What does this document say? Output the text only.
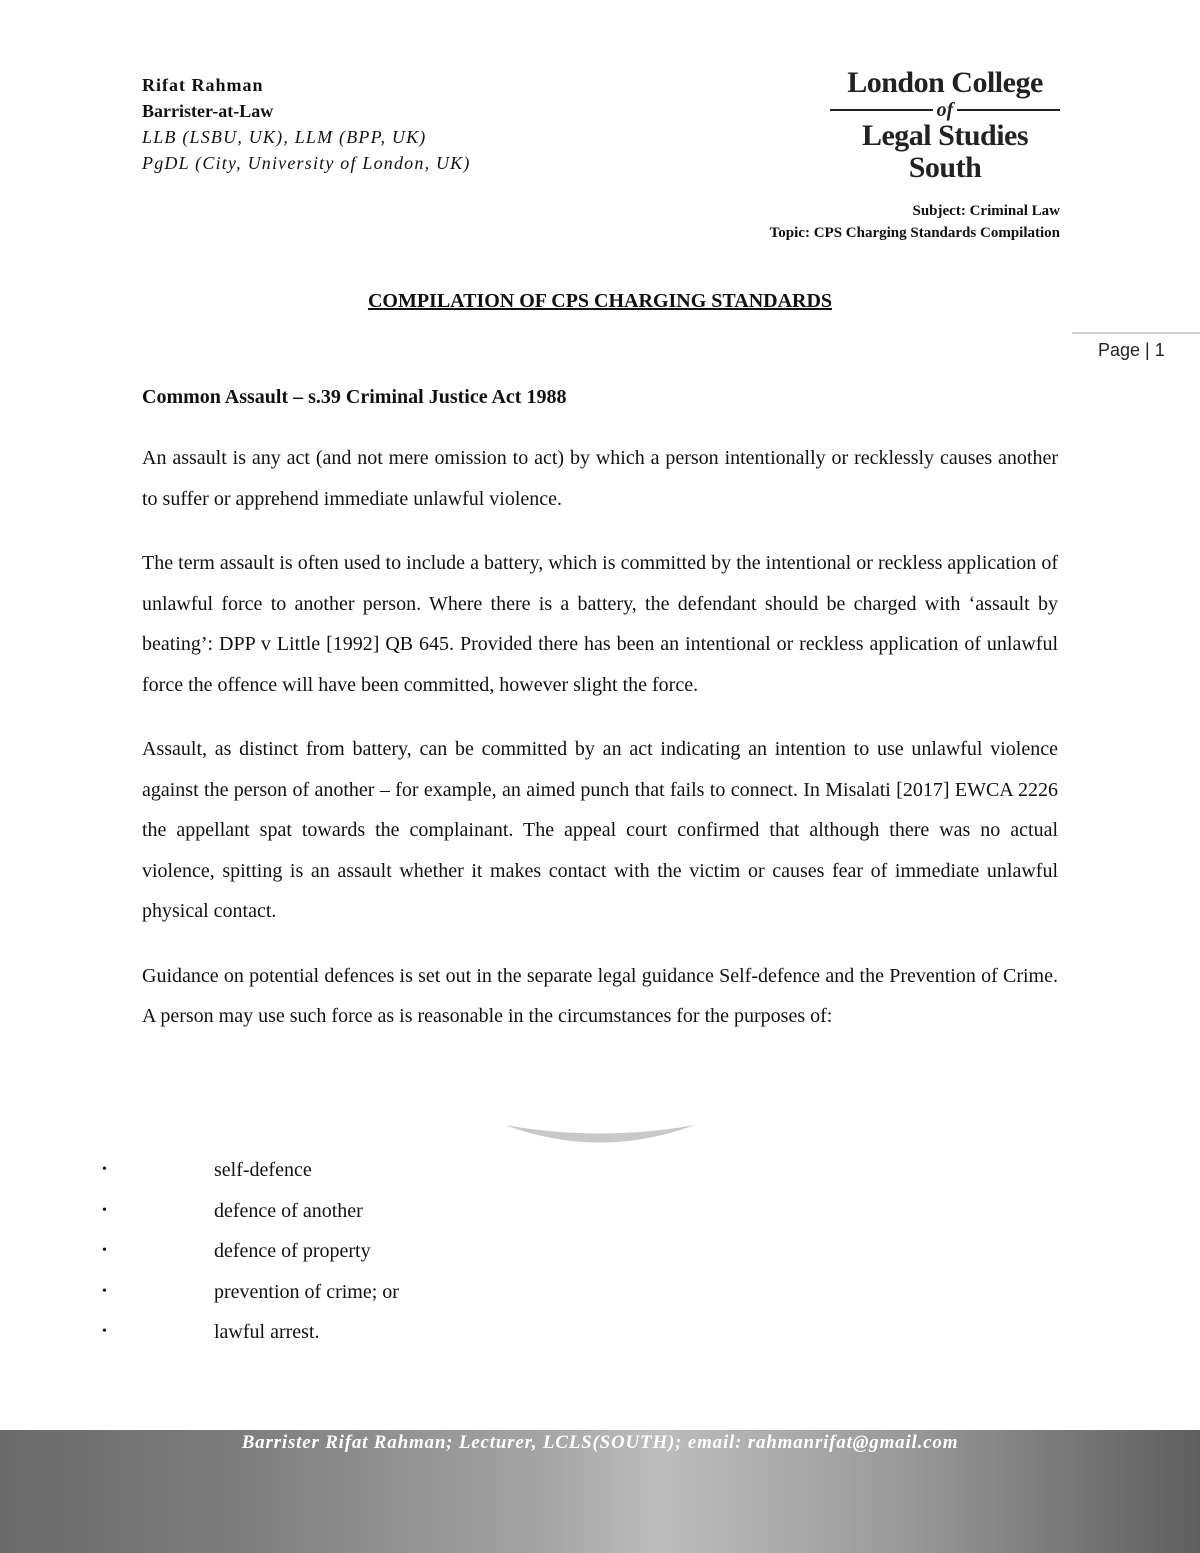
Rifat Rahman
Barrister-at-Law
LLB (LSBU, UK), LLM (BPP, UK)
PgDL (City, University of London, UK)
London College
of
Legal Studies
South
Subject: Criminal Law
Topic: CPS Charging Standards Compilation
COMPILATION OF CPS CHARGING STANDARDS
Page | 1
Common Assault – s.39 Criminal Justice Act 1988

An assault is any act (and not mere omission to act) by which a person intentionally or recklessly causes another to suffer or apprehend immediate unlawful violence.

The term assault is often used to include a battery, which is committed by the intentional or reckless application of unlawful force to another person. Where there is a battery, the defendant should be charged with ‘assault by beating’: DPP v Little [1992] QB 645. Provided there has been an intentional or reckless application of unlawful force the offence will have been committed, however slight the force.

Assault, as distinct from battery, can be committed by an act indicating an intention to use unlawful violence against the person of another – for example, an aimed punch that fails to connect. In Misalati [2017] EWCA 2226 the appellant spat towards the complainant. The appeal court confirmed that although there was no actual violence, spitting is an assault whether it makes contact with the victim or causes fear of immediate unlawful physical contact.

Guidance on potential defences is set out in the separate legal guidance Self-defence and the Prevention of Crime. A person may use such force as is reasonable in the circumstances for the purposes of:

•	self-defence
•	defence of another
•	defence of property
•	prevention of crime; or
•	lawful arrest.
Barrister Rifat Rahman; Lecturer, LCLS(SOUTH); email: rahmanrifat@gmail.com
